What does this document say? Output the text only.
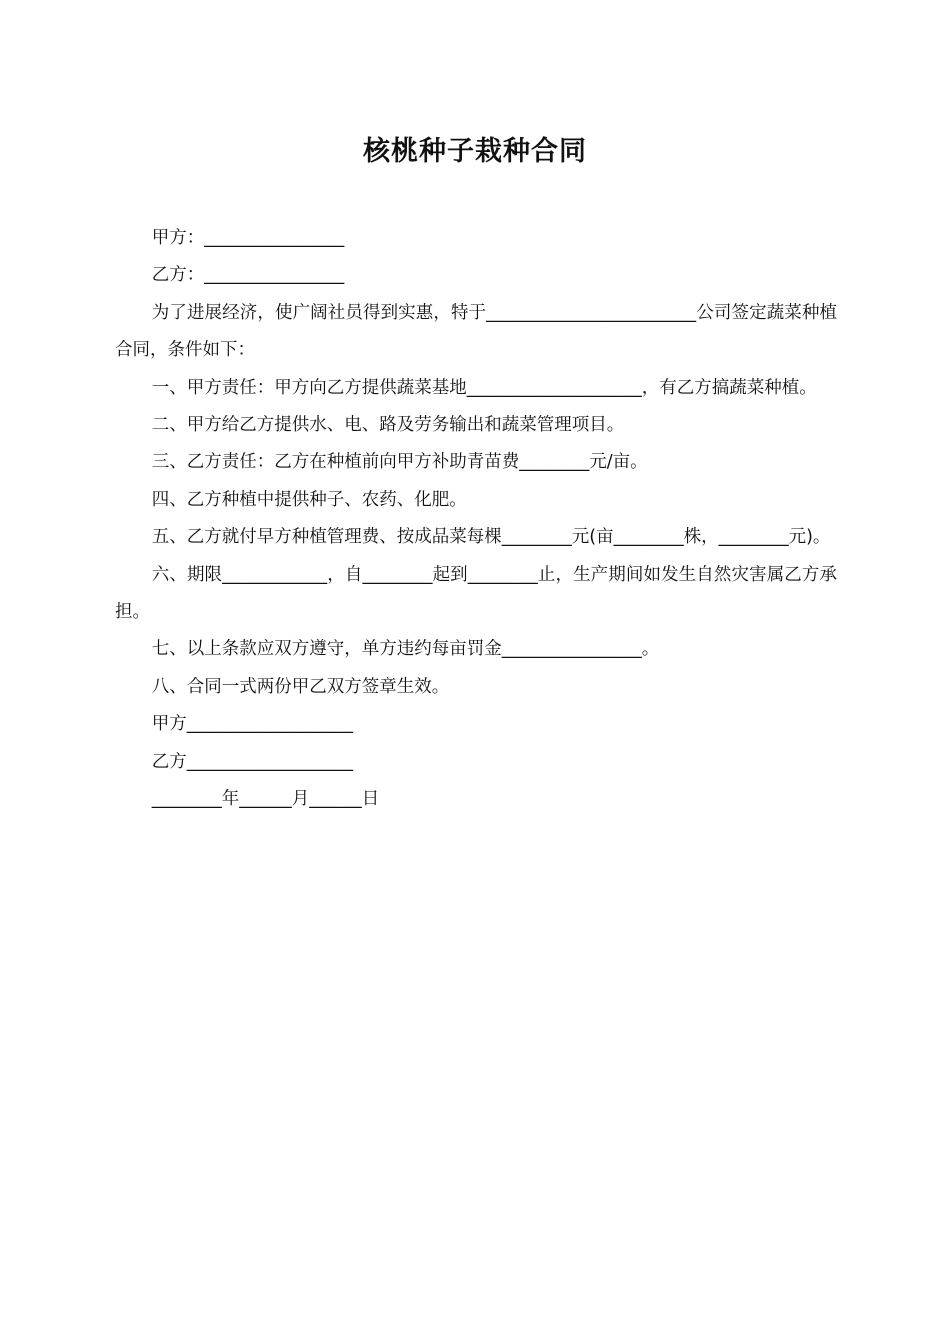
核桃种子栽种合同

甲方：________________

乙方：________________

为了进展经济，使广阔社员得到实惠，特于________________________公司签定蔬菜种植合同，条件如下：

一、甲方责任：甲方向乙方提供蔬菜基地____________________，有乙方搞蔬菜种植。

二、甲方给乙方提供水、电、路及劳务输出和蔬菜管理项目。

三、乙方责任：乙方在种植前向甲方补助青苗费________元/亩。

四、乙方种植中提供种子、农药、化肥。

五、乙方就付早方种植管理费、按成品菜每棵________元(亩________株，________元)。

六、期限____________，自________起到________止，生产期间如发生自然灾害属乙方承担。

七、以上条款应双方遵守，单方违约每亩罚金________________。

八、合同一式两份甲乙双方签章生效。

甲方___________________

乙方___________________

________年______月______日
